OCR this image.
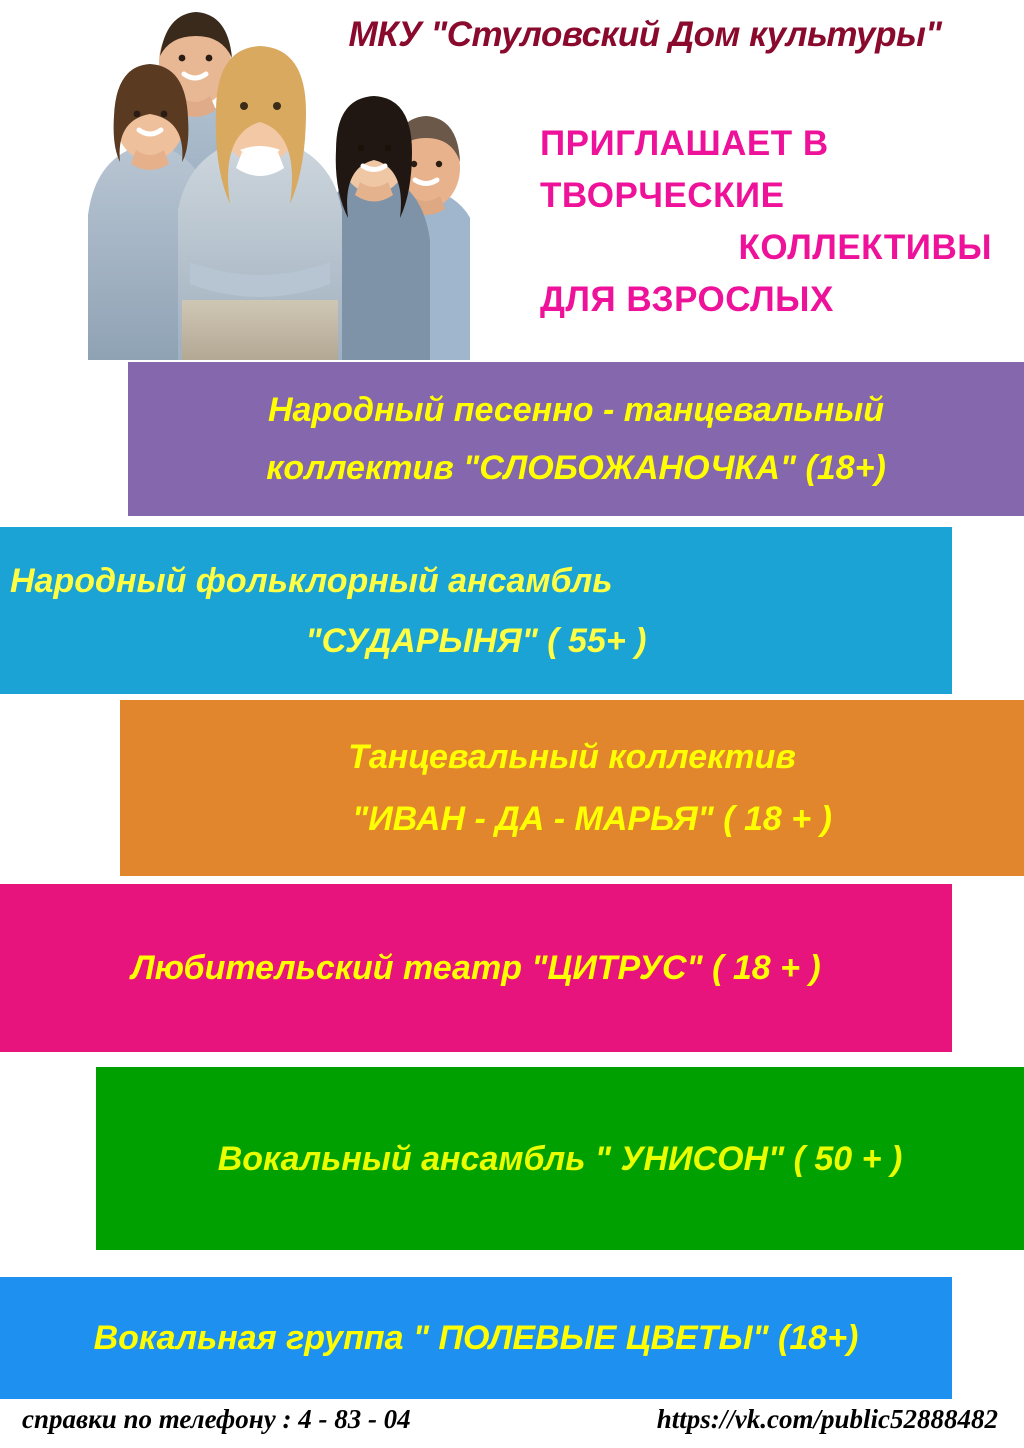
МКУ "Стуловский Дом культуры"
ПРИГЛАШАЕТ В
ТВОРЧЕСКИЕ
КОЛЛЕКТИВЫ
ДЛЯ ВЗРОСЛЫХ
Народный песенно - танцевальный
коллектив "СЛОБОЖАНОЧКА" (18+)
Народный фольклорный ансамбль
"СУДАРЫНЯ" ( 55+ )
Танцевальный коллектив
"ИВАН - ДА - МАРЬЯ" ( 18 + )
Любительский театр "ЦИТРУС" ( 18 + )
Вокальный ансамбль " УНИСОН" ( 50 + )
Вокальная группа " ПОЛЕВЫЕ ЦВЕТЫ" (18+)
справки по телефону : 4 - 83 - 04	https://vk.com/public52888482
